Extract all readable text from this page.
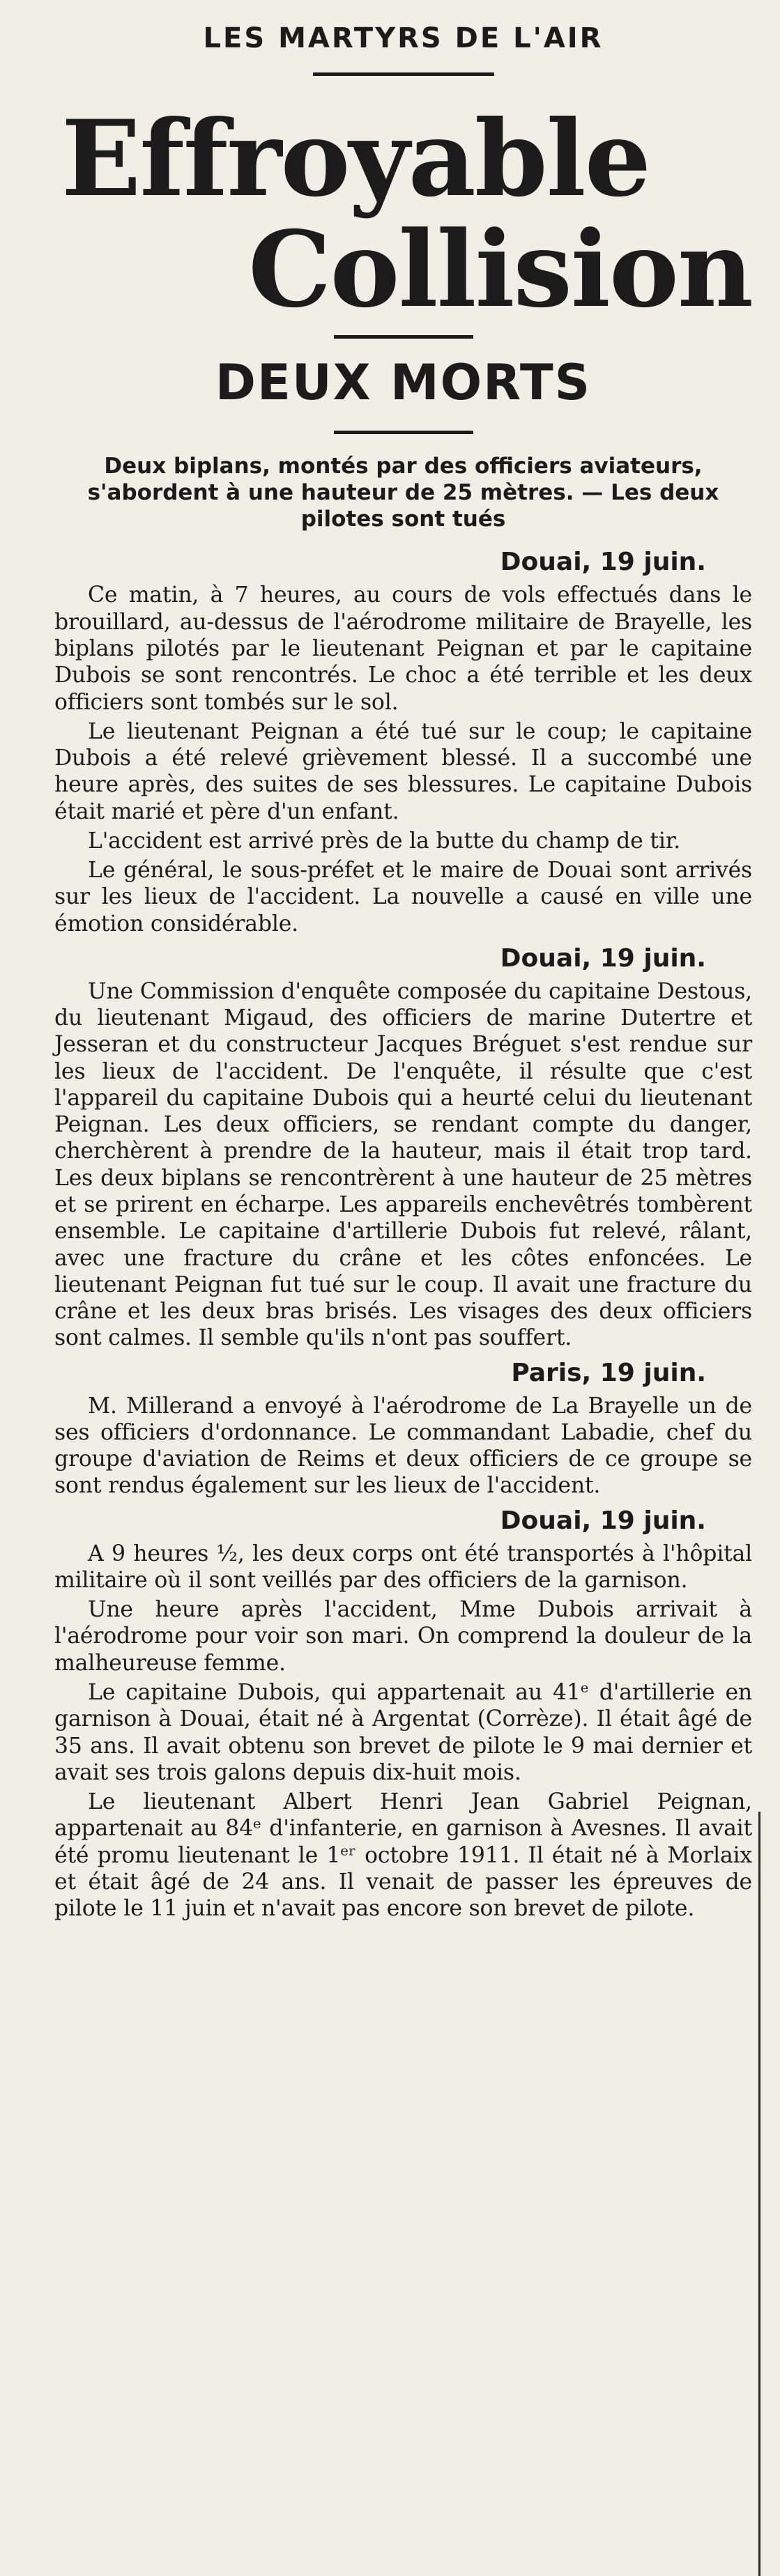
LES MARTYRS DE L'AIR
Effroyable
Collision
DEUX MORTS
Deux biplans, montés par des officiers aviateurs, s'abordent à une hauteur de 25 mètres. — Les deux pilotes sont tués
Douai, 19 juin.

Ce matin, à 7 heures, au cours de vols effectués dans le brouillard, au-dessus de l'aérodrome militaire de Brayelle, les biplans pilotés par le lieutenant Peignan et par le capitaine Dubois se sont rencontrés. Le choc a été terrible et les deux officiers sont tombés sur le sol.

Le lieutenant Peignan a été tué sur le coup; le capitaine Dubois a été relevé grièvement blessé. Il a succombé une heure après, des suites de ses blessures. Le capitaine Dubois était marié et père d'un enfant.

L'accident est arrivé près de la butte du champ de tir.

Le général, le sous-préfet et le maire de Douai sont arrivés sur les lieux de l'accident. La nouvelle a causé en ville une émotion considérable.

Douai, 19 juin.

Une Commission d'enquête composée du capitaine Destous, du lieutenant Migaud, des officiers de marine Dutertre et Jesseran et du constructeur Jacques Bréguet s'est rendue sur les lieux de l'accident. De l'enquête, il résulte que c'est l'appareil du capitaine Dubois qui a heurté celui du lieutenant Peignan. Les deux officiers, se rendant compte du danger, cherchèrent à prendre de la hauteur, mais il était trop tard. Les deux biplans se rencontrèrent à une hauteur de 25 mètres et se prirent en écharpe. Les appareils enchevêtrés tombèrent ensemble. Le capitaine d'artillerie Dubois fut relevé, râlant, avec une fracture du crâne et les côtes enfoncées. Le lieutenant Peignan fut tué sur le coup. Il avait une fracture du crâne et les deux bras brisés. Les visages des deux officiers sont calmes. Il semble qu'ils n'ont pas souffert.

Paris, 19 juin.

M. Millerand a envoyé à l'aérodrome de La Brayelle un de ses officiers d'ordonnance. Le commandant Labadie, chef du groupe d'aviation de Reims et deux officiers de ce groupe se sont rendus également sur les lieux de l'accident.

Douai, 19 juin.

A 9 heures ½, les deux corps ont été transportés à l'hôpital militaire où il sont veillés par des officiers de la garnison.

Une heure après l'accident, Mme Dubois arrivait à l'aérodrome pour voir son mari. On comprend la douleur de la malheureuse femme.

Le capitaine Dubois, qui appartenait au 41ᵉ d'artillerie en garnison à Douai, était né à Argentat (Corrèze). Il était âgé de 35 ans. Il avait obtenu son brevet de pilote le 9 mai dernier et avait ses trois galons depuis dix-huit mois.

Le lieutenant Albert Henri Jean Gabriel Peignan, appartenait au 84ᵉ d'infanterie, en garnison à Avesnes. Il avait été promu lieutenant le 1ᵉʳ octobre 1911. Il était né à Morlaix et était âgé de 24 ans. Il venait de passer les épreuves de pilote le 11 juin et n'avait pas encore son brevet de pilote.
